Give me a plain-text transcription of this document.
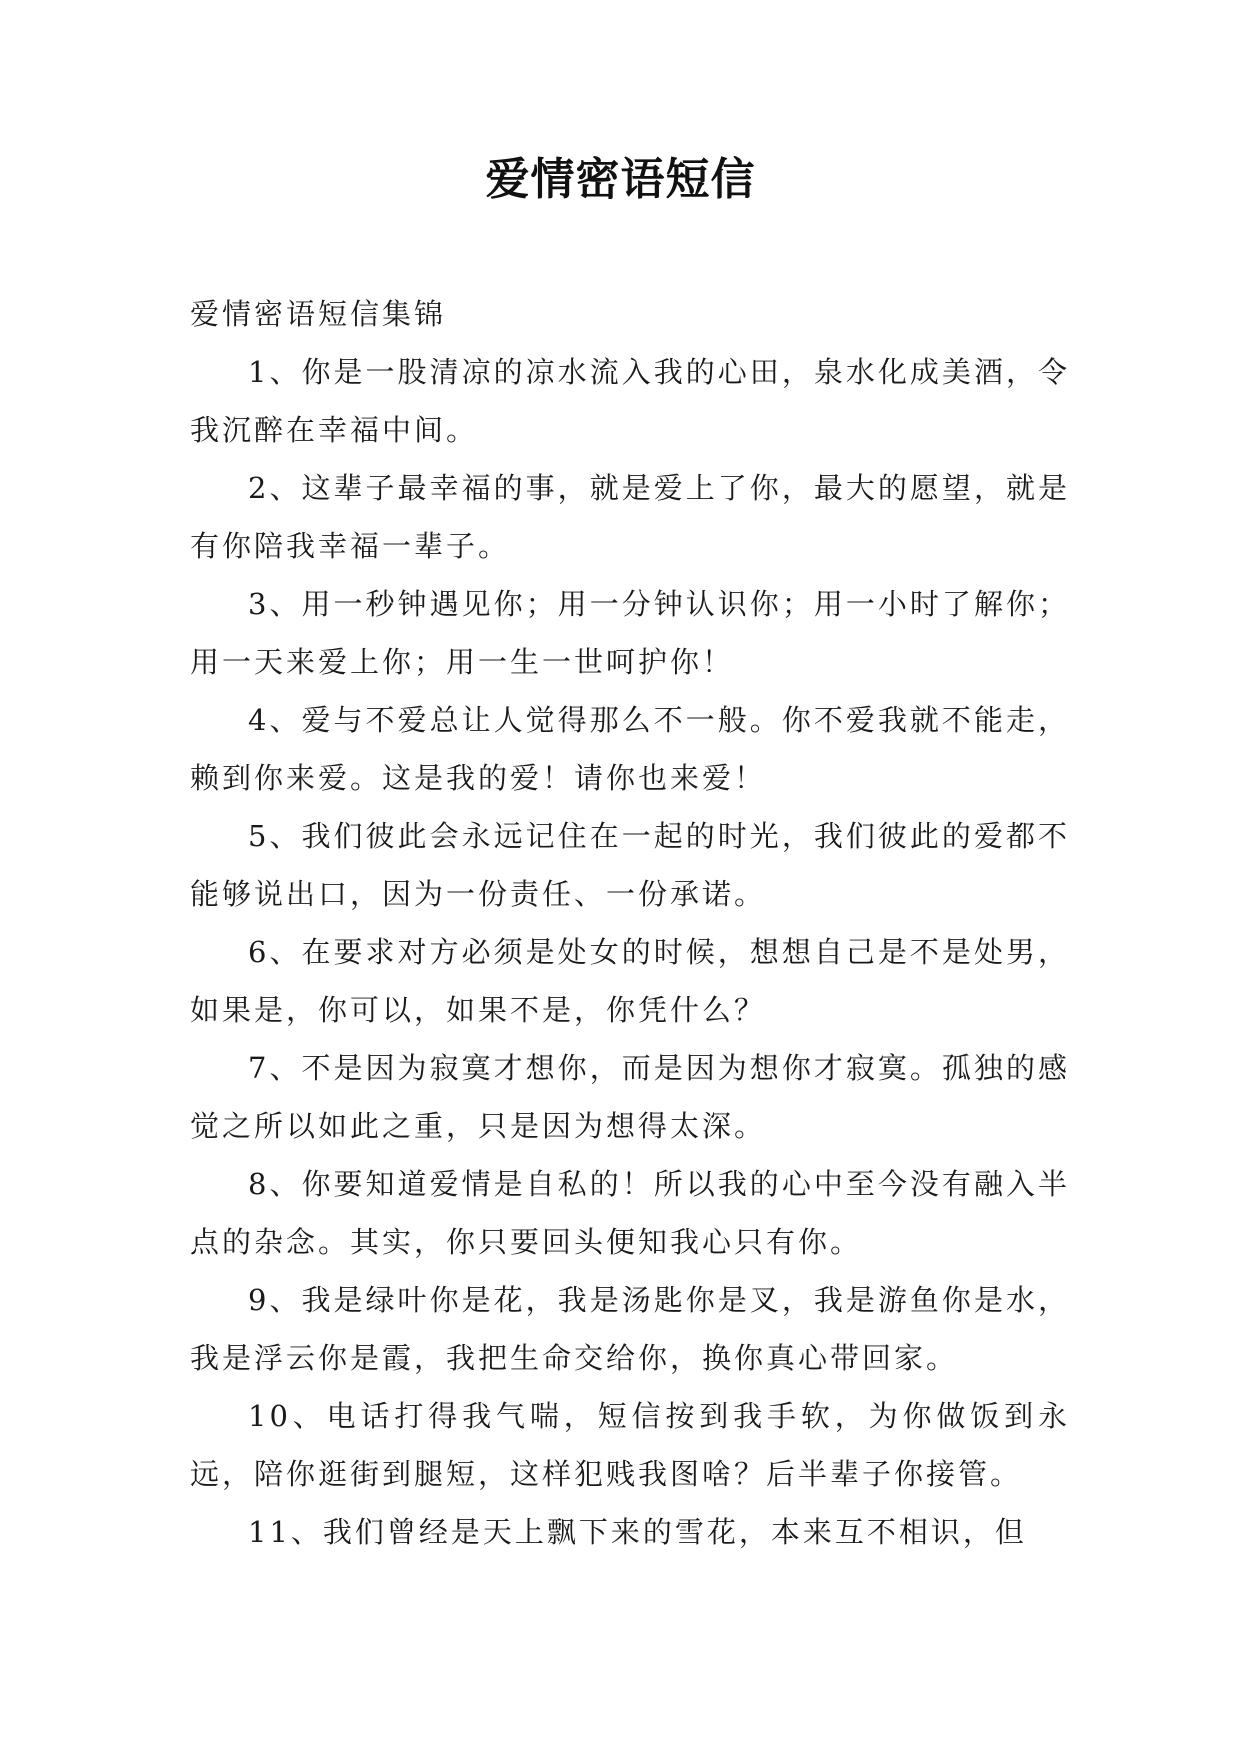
爱情密语短信

爱情密语短信集锦

1、你是一股清凉的凉水流入我的心田，泉水化成美酒，令我沉醉在幸福中间。

2、这辈子最幸福的事，就是爱上了你，最大的愿望，就是有你陪我幸福一辈子。

3、用一秒钟遇见你；用一分钟认识你；用一小时了解你；用一天来爱上你；用一生一世呵护你！

4、爱与不爱总让人觉得那么不一般。你不爱我就不能走，赖到你来爱。这是我的爱！请你也来爱！

5、我们彼此会永远记住在一起的时光，我们彼此的爱都不能够说出口，因为一份责任、一份承诺。

6、在要求对方必须是处女的时候，想想自己是不是处男，如果是，你可以，如果不是，你凭什么？

7、不是因为寂寞才想你，而是因为想你才寂寞。孤独的感觉之所以如此之重，只是因为想得太深。

8、你要知道爱情是自私的！所以我的心中至今没有融入半点的杂念。其实，你只要回头便知我心只有你。

9、我是绿叶你是花，我是汤匙你是叉，我是游鱼你是水，我是浮云你是霞，我把生命交给你，换你真心带回家。

10、电话打得我气喘，短信按到我手软，为你做饭到永远，陪你逛街到腿短，这样犯贱我图啥？后半辈子你接管。

11、我们曾经是天上飘下来的雪花，本来互不相识，但
